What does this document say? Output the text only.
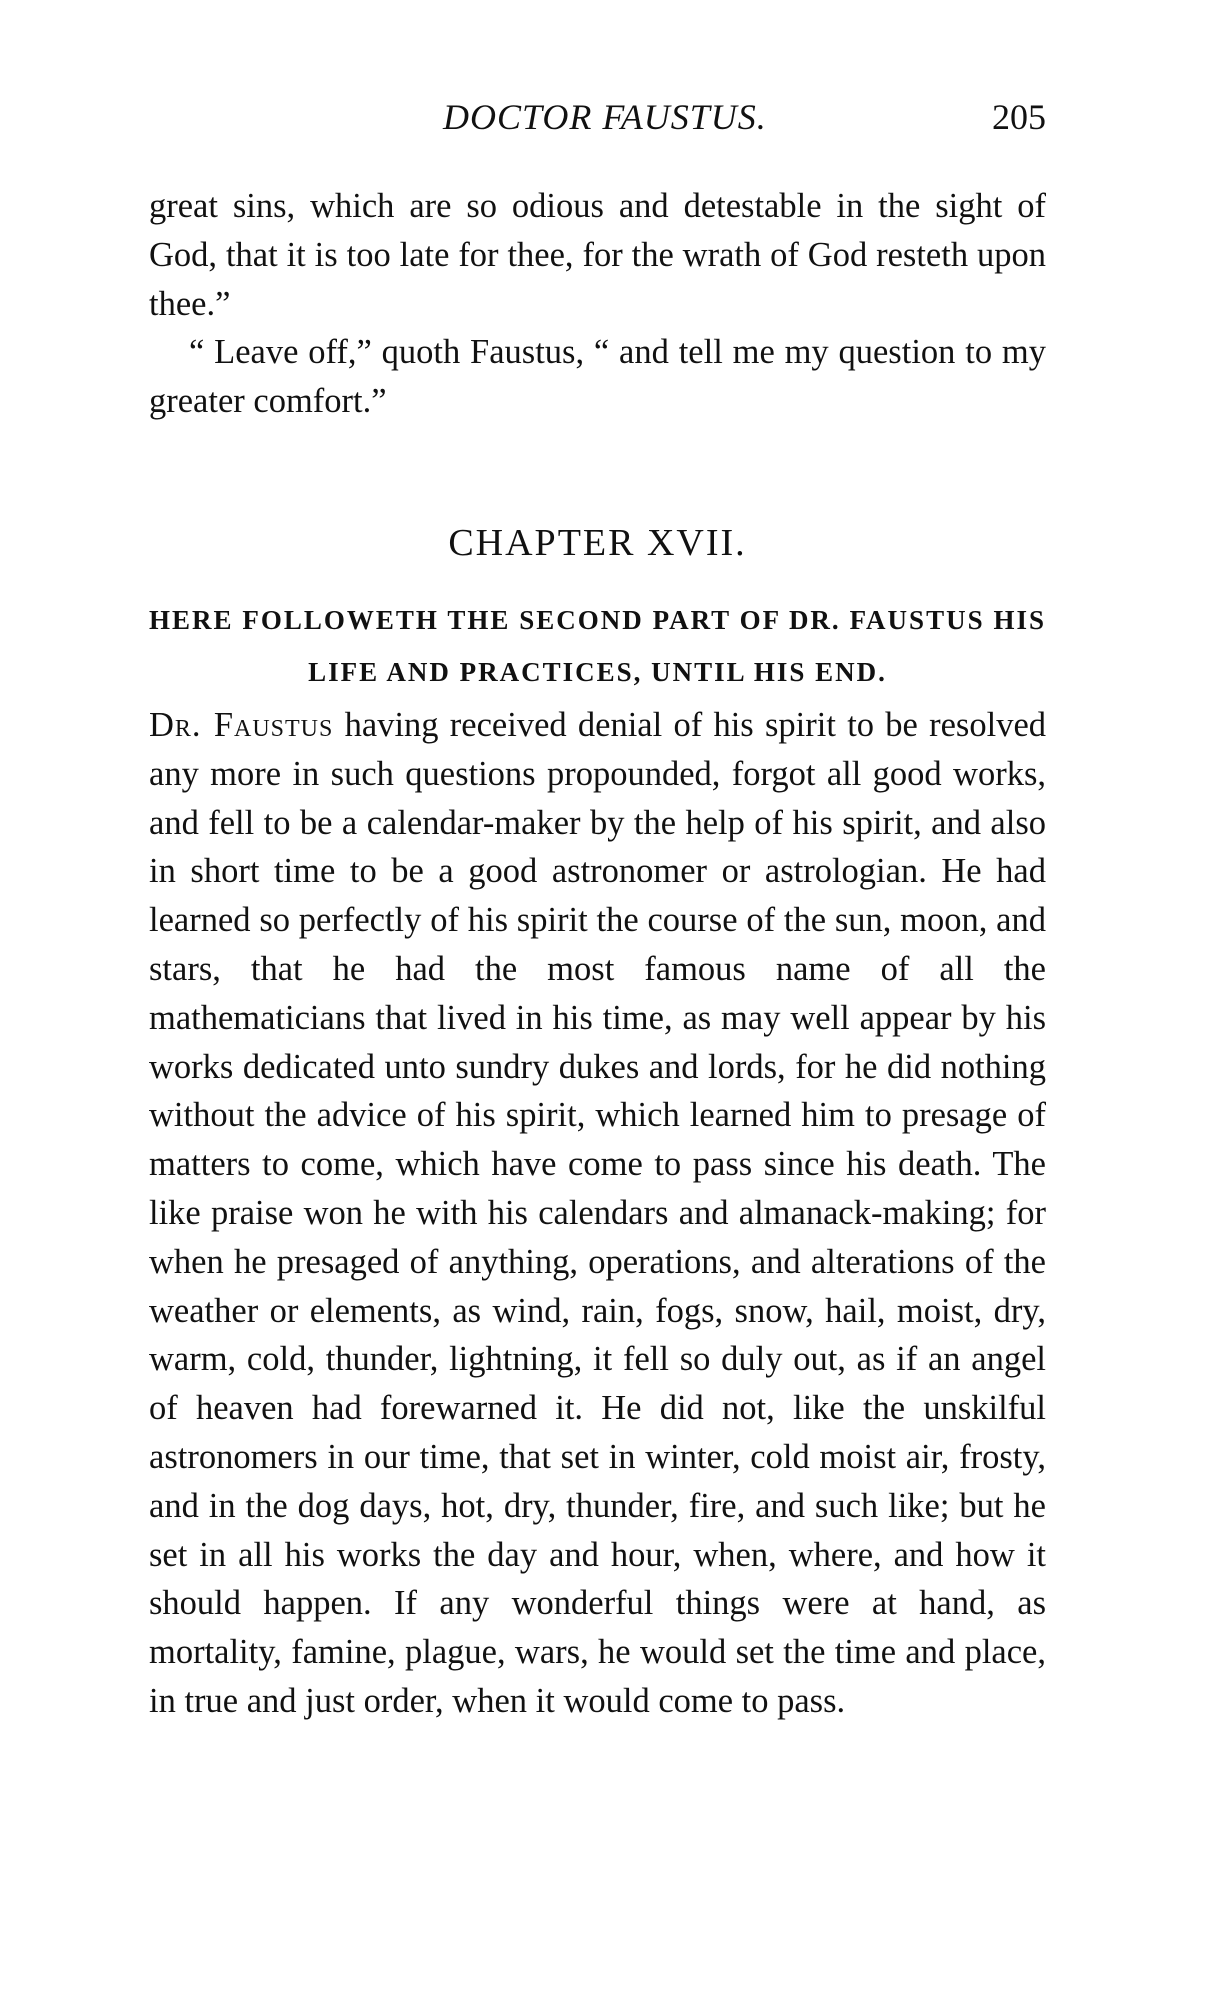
DOCTOR FAUSTUS.	205

great sins, which are so odious and detestable in the sight of God, that it is too late for thee, for the wrath of God resteth upon thee.”

“ Leave off,” quoth Faustus, “ and tell me my question to my greater comfort.”

CHAPTER XVII.
HERE FOLLOWETH THE SECOND PART OF DR. FAUSTUS HIS
LIFE AND PRACTICES, UNTIL HIS END.

Dr. Faustus having received denial of his spirit to be resolved any more in such questions propounded, forgot all good works, and fell to be a calendar-maker by the help of his spirit, and also in short time to be a good astronomer or astrologian. He had learned so perfectly of his spirit the course of the sun, moon, and stars, that he had the most famous name of all the mathematicians that lived in his time, as may well appear by his works dedicated unto sundry dukes and lords, for he did nothing without the advice of his spirit, which learned him to presage of matters to come, which have come to pass since his death. The like praise won he with his calendars and almanack-making; for when he presaged of anything, operations, and alterations of the weather or elements, as wind, rain, fogs, snow, hail, moist, dry, warm, cold, thunder, lightning, it fell so duly out, as if an angel of heaven had forewarned it. He did not, like the unskilful astronomers in our time, that set in winter, cold moist air, frosty, and in the dog days, hot, dry, thunder, fire, and such like; but he set in all his works the day and hour, when, where, and how it should happen. If any wonderful things were at hand, as mortality, famine, plague, wars, he would set the time and place, in true and just order, when it would come to pass.
